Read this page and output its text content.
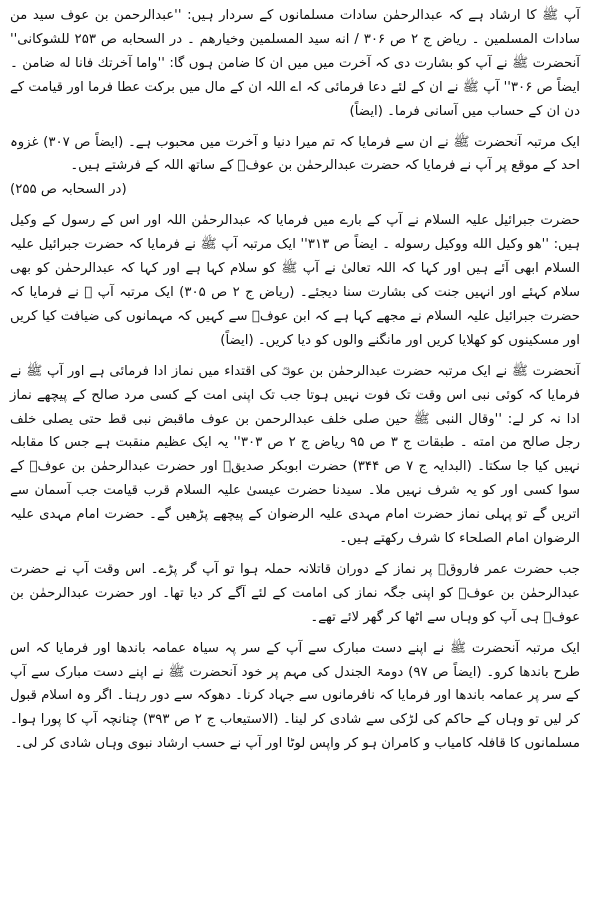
آپ ﷺ کا ارشاد ہے کہ عبدالرحمٰن سادات مسلمانوں کے سردار ہیں: ''عبدالرحمن بن عوف سید من سادات المسلمین ۔ ریاض ج ۲ ص ۳۰۶ / انه سید المسلمین وخیارهم ۔ در السحابه ص ۲۵۳ للشوکانی'' آنحضرت ﷺ نے آپ کو بشارت دی کہ آخرت میں میں ان کا ضامن ہوں گا: ''واما آخرتك فانا له ضامن ۔ ایضاً ص ۳۰۶'' آپ ﷺ نے ان کے لئے دعا فرمائی کہ اے اللہ ان کے مال میں برکت عطا فرما اور قیامت کے دن ان کے حساب میں آسانی فرما۔ (ایضاً)

ایک مرتبہ آنحضرت ﷺ نے ان سے فرمایا کہ تم میرا دنیا و آخرت میں محبوب ہے۔ (ایضاً ص ۳۰۷) غزوہ احد کے موقع پر آپ نے فرمایا کہ حضرت عبدالرحمٰن بن عوفؓ کے ساتھ اللہ کے فرشتے ہیں۔
(در السحابہ ص ۲۵۵)

حضرت جبرائیل علیہ السلام نے آپ کے بارے میں فرمایا کہ عبدالرحمٰن اللہ اور اس کے رسول کے وکیل ہیں: ''هو وکیل الله ووکیل رسوله ۔ ایضاً ص ۳۱۳'' ایک مرتبہ آپ ﷺ نے فرمایا کہ حضرت جبرائیل علیہ السلام ابھی آئے ہیں اور کہا کہ اللہ تعالیٰ نے آپ ﷺ کو سلام کہا ہے اور کہا کہ عبدالرحمٰن کو بھی سلام کہئے اور انہیں جنت کی بشارت سنا دیجئے۔ (ریاض ج ۲ ص ۳۰۵) ایک مرتبہ آپ ﷺ نے فرمایا کہ حضرت جبرائیل علیہ السلام نے مجھے کہا ہے کہ ابن عوفؓ سے کہیں کہ مہمانوں کی ضیافت کیا کریں اور مسکینوں کو کھلایا کریں اور مانگنے والوں کو دیا کریں۔ (ایضاً)

آنحضرت ﷺ نے ایک مرتبہ حضرت عبدالرحمٰن بن عوفؓ کی اقتداء میں نماز ادا فرمائی ہے اور آپ ﷺ نے فرمایا کہ کوئی نبی اس وقت تک فوت نہیں ہوتا جب تک اپنی امت کے کسی مرد صالح کے پیچھے نماز ادا نہ کر لے: ''وقال النبی ﷺ حین صلی خلف عبدالرحمن بن عوف ماقبض نبی قط حتی یصلی خلف رجل صالح من امته ۔ طبقات ج ۳ ص ۹۵ ریاض ج ۲ ص ۳۰۳'' یہ ایک عظیم منقبت ہے جس کا مقابلہ نہیں کیا جا سکتا۔ (البدایہ ج ۷ ص ۳۴۴) حضرت ابوبکر صدیقؓ اور حضرت عبدالرحمٰن بن عوفؓ کے سوا کسی اور کو یہ شرف نہیں ملا۔ سیدنا حضرت عیسیٰ علیہ السلام قرب قیامت جب آسمان سے اتریں گے تو پہلی نماز حضرت امام مہدی علیہ الرضوان کے پیچھے پڑھیں گے۔ حضرت امام مہدی علیہ الرضوان امام الصلحاء کا شرف رکھتے ہیں۔

جب حضرت عمر فاروقؓ پر نماز کے دوران قاتلانہ حملہ ہوا تو آپ گر پڑے۔ اس وقت آپ نے حضرت عبدالرحمٰن بن عوفؓ کو اپنی جگہ نماز کی امامت کے لئے آگے کر دیا تھا۔ اور حضرت عبدالرحمٰن بن عوفؓ ہی آپ کو وہاں سے اٹھا کر گھر لائے تھے۔

ایک مرتبہ آنحضرت ﷺ نے اپنے دست مبارک سے آپ کے سر پہ سیاہ عمامہ باندھا اور فرمایا کہ اس طرح باندھا کرو۔ (ایضاً ص ۹۷) دومۃ الجندل کی مہم پر خود آنحضرت ﷺ نے اپنے دست مبارک سے آپ کے سر پر عمامہ باندھا اور فرمایا کہ نافرمانوں سے جہاد کرنا۔ دھوکہ سے دور رہنا۔ اگر وہ اسلام قبول کر لیں تو وہاں کے حاکم کی لڑکی سے شادی کر لینا۔ (الاستیعاب ج ۲ ص ۳۹۳) چنانچہ آپ کا پورا ہوا۔ مسلمانوں کا قافلہ کامیاب و کامران ہو کر واپس لوٹا اور آپ نے حسب ارشاد نبوی وہاں شادی کر لی۔
